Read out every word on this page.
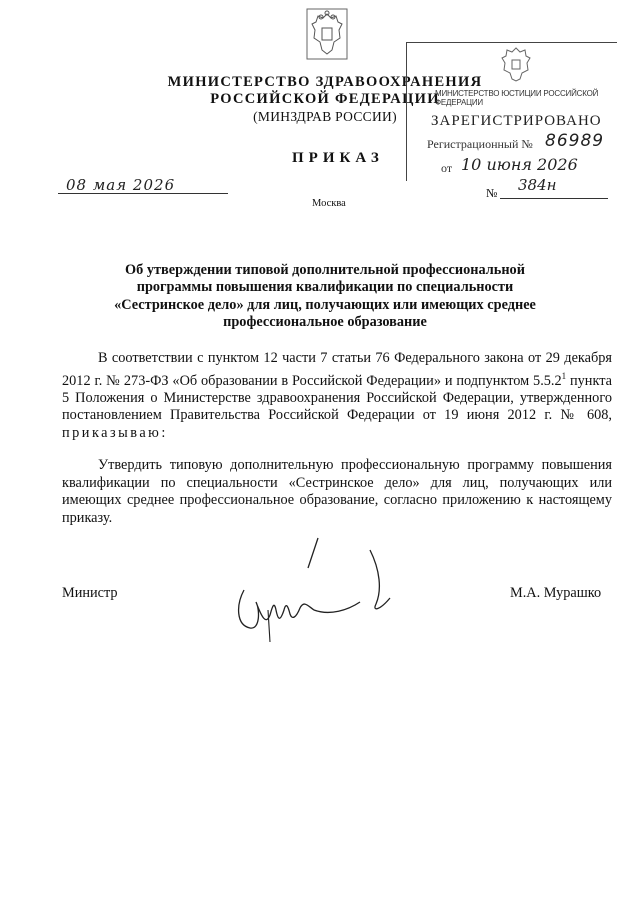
МИНИСТЕРСТВО ЗДРАВООХРАНЕНИЯ
РОССИЙСКОЙ ФЕДЕРАЦИИ
(МИНЗДРАВ РОССИИ)
ПРИКАЗ
08 мая 2026
Москва
№ 384н
МИНИСТЕРСТВО ЮСТИЦИИ РОССИЙСКОЙ ФЕДЕРАЦИИ
ЗАРЕГИСТРИРОВАНО
Регистрационный № 86989
от 10 июня 2026
Об утверждении типовой дополнительной профессиональной программы повышения квалификации по специальности «Сестринское дело» для лиц, получающих или имеющих среднее профессиональное образование
В соответствии с пунктом 12 части 7 статьи 76 Федерального закона от 29 декабря 2012 г. № 273-ФЗ «Об образовании в Российской Федерации» и подпунктом 5.5.2$^1$ пункта 5 Положения о Министерстве здравоохранения Российской Федерации, утвержденного постановлением Правительства Российской Федерации от 19 июня 2012 г. № 608, приказываю:
Утвердить типовую дополнительную профессиональную программу повышения квалификации по специальности «Сестринское дело» для лиц, получающих или имеющих среднее профессиональное образование, согласно приложению к настоящему приказу.
Министр	М.А. Мурашко
